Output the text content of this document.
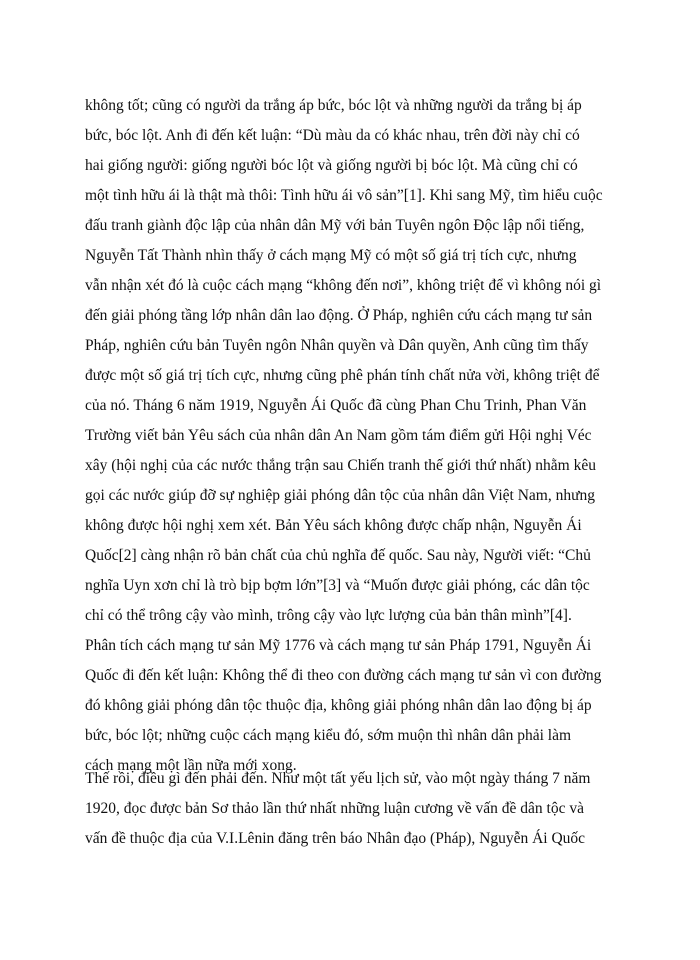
không tốt; cũng có người da trắng áp bức, bóc lột và những người da trắng bị áp
bức, bóc lột. Anh đi đến kết luận: “Dù màu da có khác nhau, trên đời này chỉ có
hai giống người: giống người bóc lột và giống người bị bóc lột. Mà cũng chỉ có
một tình hữu ái là thật mà thôi: Tình hữu ái vô sản”[1]. Khi sang Mỹ, tìm hiểu cuộc
đấu tranh giành độc lập của nhân dân Mỹ với bản Tuyên ngôn Độc lập nổi tiếng,
Nguyễn Tất Thành nhìn thấy ở cách mạng Mỹ có một số giá trị tích cực, nhưng
vẫn nhận xét đó là cuộc cách mạng “không đến nơi”, không triệt để vì không nói gì
đến giải phóng tầng lớp nhân dân lao động. Ở Pháp, nghiên cứu cách mạng tư sản
Pháp, nghiên cứu bản Tuyên ngôn Nhân quyền và Dân quyền, Anh cũng tìm thấy
được một số giá trị tích cực, nhưng cũng phê phán tính chất nửa vời, không triệt để
của nó. Tháng 6 năm 1919, Nguyễn Ái Quốc đã cùng Phan Chu Trinh, Phan Văn
Trường viết bản Yêu sách của nhân dân An Nam gồm tám điểm gửi Hội nghị Véc
xây (hội nghị của các nước thắng trận sau Chiến tranh thế giới thứ nhất) nhằm kêu
gọi các nước giúp đỡ sự nghiệp giải phóng dân tộc của nhân dân Việt Nam, nhưng
không được hội nghị xem xét. Bản Yêu sách không được chấp nhận, Nguyễn Ái
Quốc[2] càng nhận rõ bản chất của chủ nghĩa đế quốc. Sau này, Người viết: “Chủ
nghĩa Uyn xơn chỉ là trò bịp bợm lớn”[3] và “Muốn được giải phóng, các dân tộc
chỉ có thể trông cậy vào mình, trông cậy vào lực lượng của bản thân mình”[4].
Phân tích cách mạng tư sản Mỹ 1776 và cách mạng tư sản Pháp 1791, Nguyễn Ái
Quốc đi đến kết luận: Không thể đi theo con đường cách mạng tư sản vì con đường
đó không giải phóng dân tộc thuộc địa, không giải phóng nhân dân lao động bị áp
bức, bóc lột; những cuộc cách mạng kiểu đó, sớm muộn thì nhân dân phải làm
cách mạng một lần nữa mới xong.
Thế rồi, điều gì đến phải đến. Như một tất yếu lịch sử, vào một ngày tháng 7 năm
1920, đọc được bản Sơ thảo lần thứ nhất những luận cương về vấn đề dân tộc và
vấn đề thuộc địa của V.I.Lênin đăng trên báo Nhân đạo (Pháp), Nguyễn Ái Quốc
